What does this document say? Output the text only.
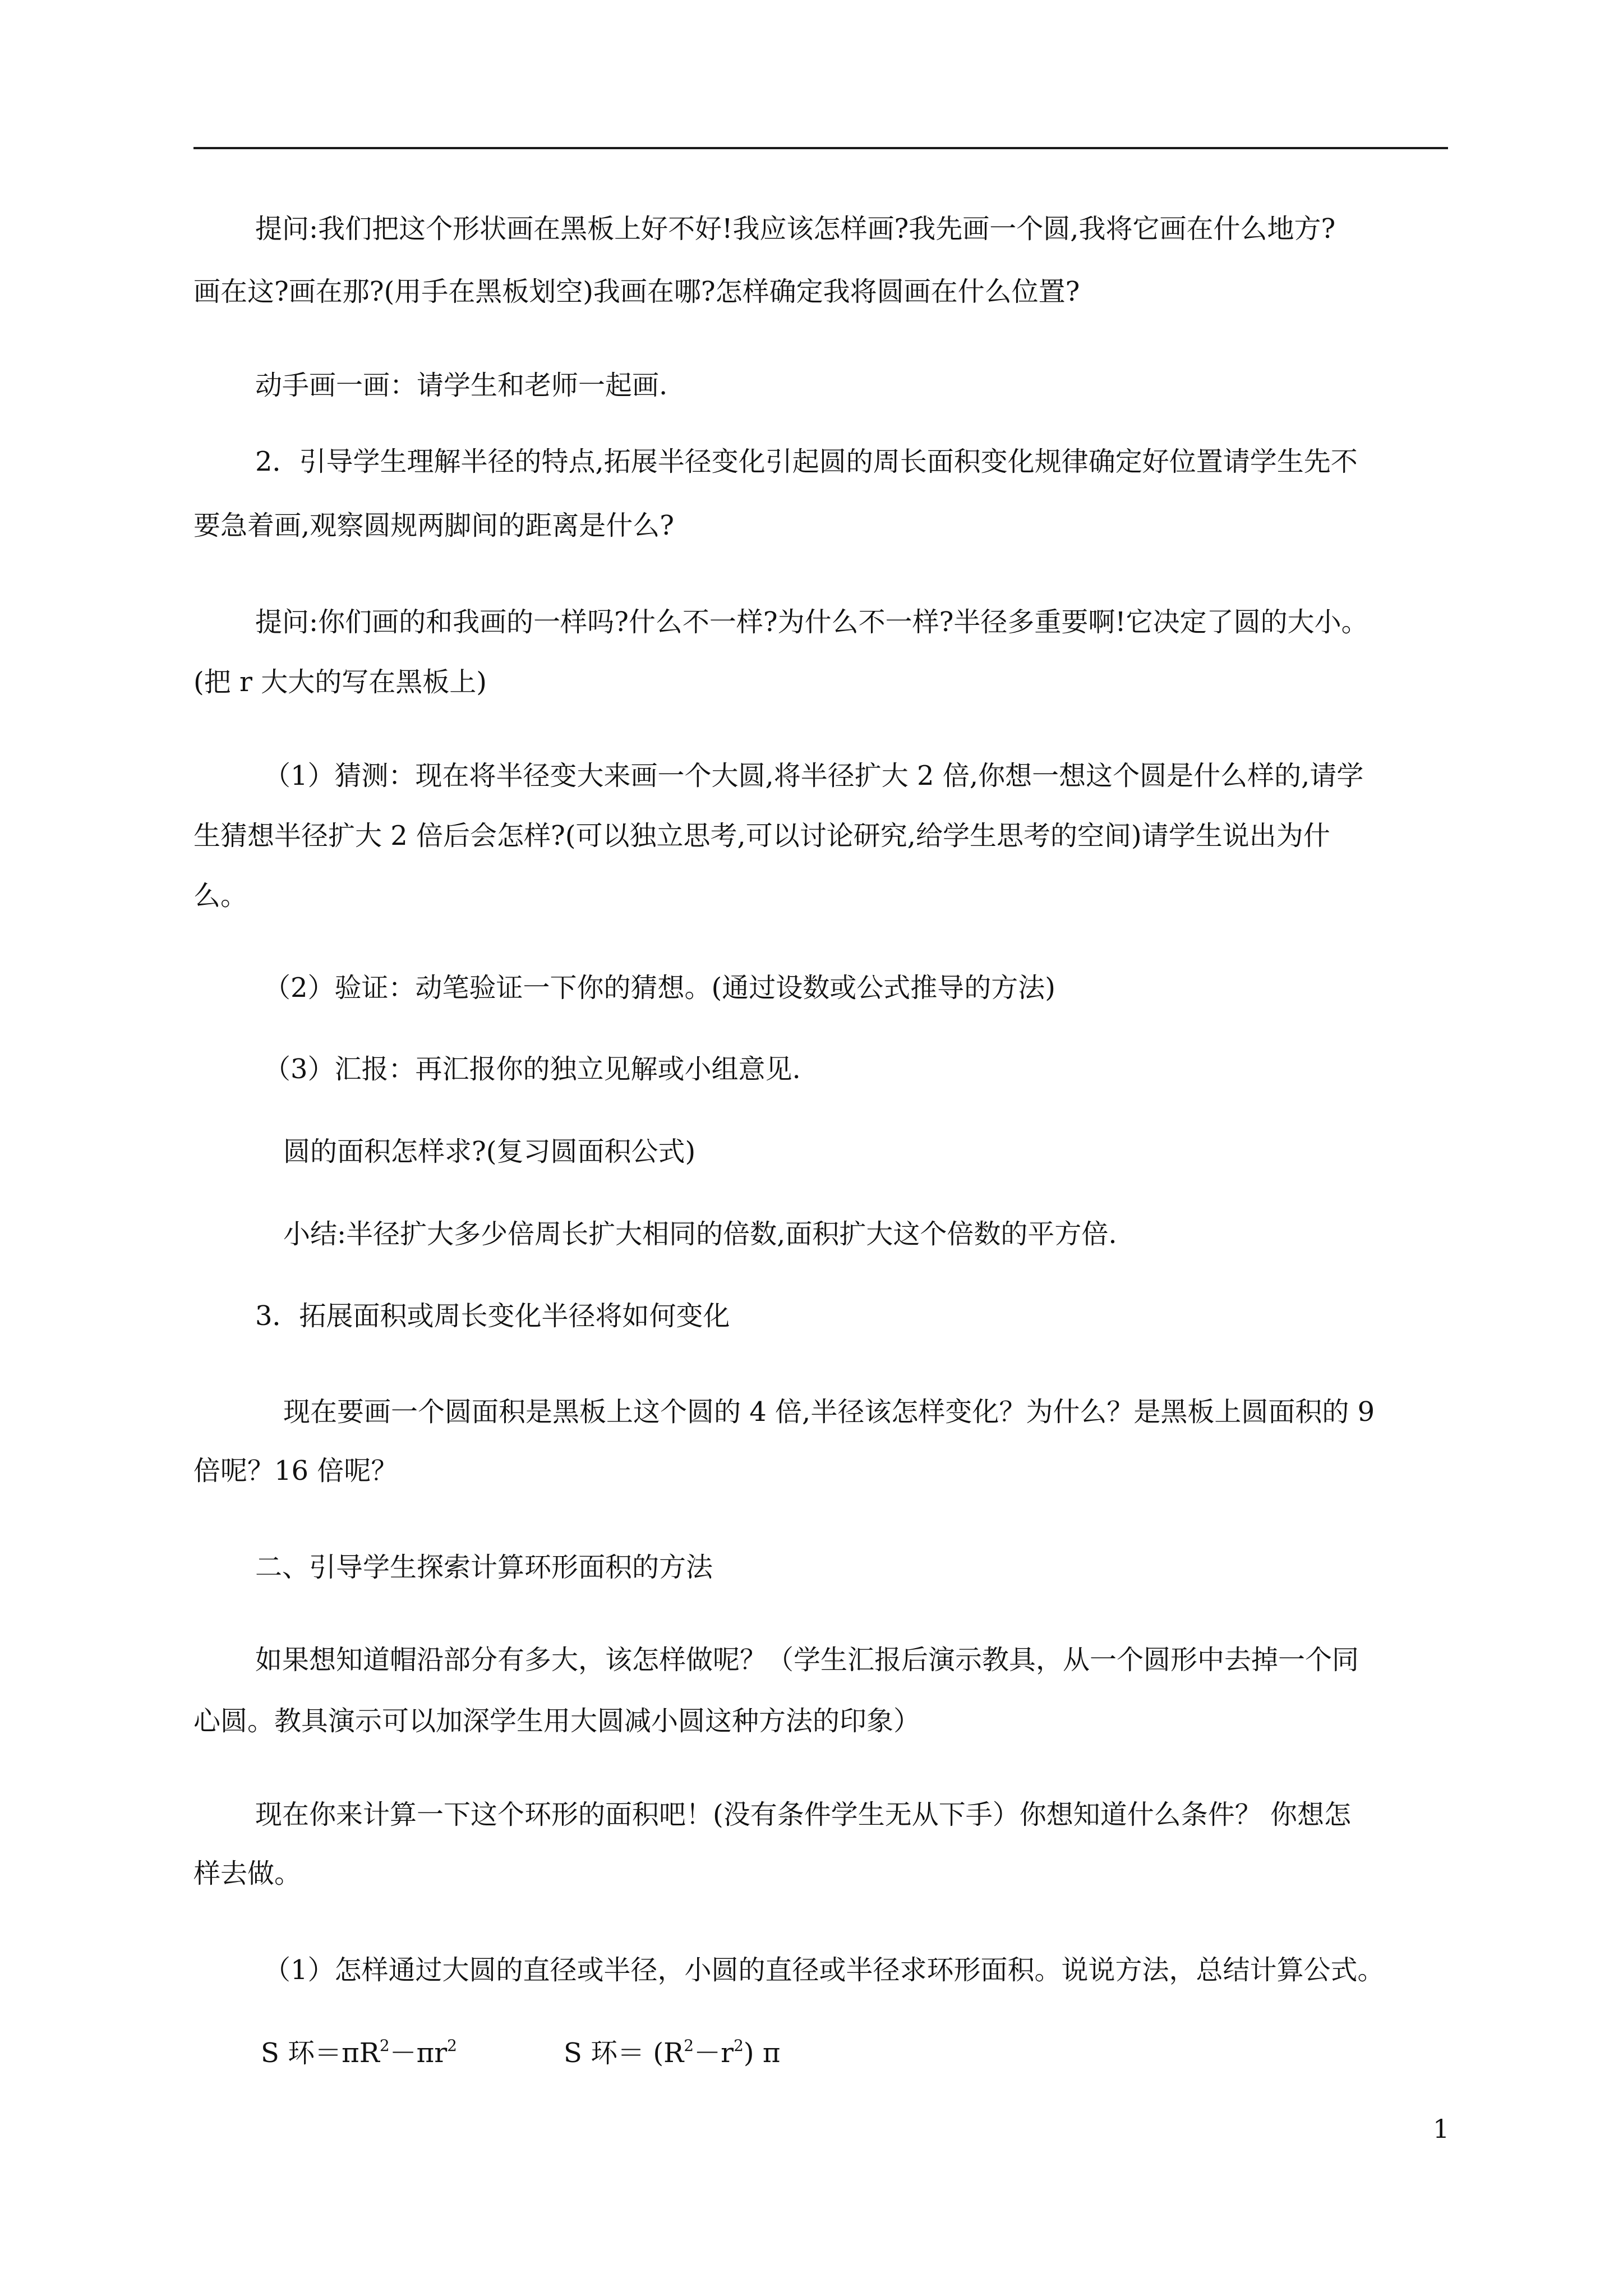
提问:我们把这个形状画在黑板上好不好!我应该怎样画?我先画一个圆,我将它画在什么地方?
画在这?画在那?(用手在黑板划空)我画在哪?怎样确定我将圆画在什么位置?
动手画一画：请学生和老师一起画.
2．引导学生理解半径的特点,拓展半径变化引起圆的周长面积变化规律确定好位置请学生先不
要急着画,观察圆规两脚间的距离是什么?
提问:你们画的和我画的一样吗?什么不一样?为什么不一样?半径多重要啊!它决定了圆的大小。
(把 r 大大的写在黑板上)
（1）猜测：现在将半径变大来画一个大圆,将半径扩大 2 倍,你想一想这个圆是什么样的,请学
生猜想半径扩大 2 倍后会怎样?(可以独立思考,可以讨论研究,给学生思考的空间)请学生说出为什
么。
（2）验证：动笔验证一下你的猜想。(通过设数或公式推导的方法)
（3）汇报：再汇报你的独立见解或小组意见.
圆的面积怎样求?(复习圆面积公式)
小结:半径扩大多少倍周长扩大相同的倍数,面积扩大这个倍数的平方倍.
3．拓展面积或周长变化半径将如何变化
现在要画一个圆面积是黑板上这个圆的 4 倍,半径该怎样变化？为什么？是黑板上圆面积的 9
倍呢？16 倍呢？
二、引导学生探索计算环形面积的方法
如果想知道帽沿部分有多大，该怎样做呢？（学生汇报后演示教具，从一个圆形中去掉一个同
心圆。教具演示可以加深学生用大圆减小圆这种方法的印象）
现在你来计算一下这个环形的面积吧！(没有条件学生无从下手）你想知道什么条件？ 你想怎
样去做。
（1）怎样通过大圆的直径或半径，小圆的直径或半径求环形面积。说说方法，总结计算公式。
S 环$=\pi R^2-\pi r^2$	S 环＝ $(R^2-r^2)$ π
1
